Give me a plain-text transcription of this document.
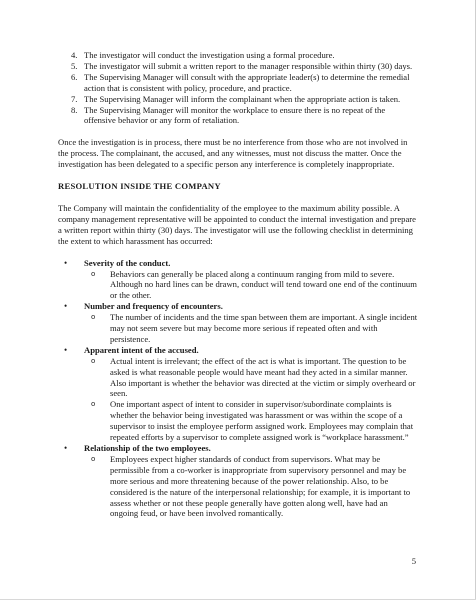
4. The investigator will conduct the investigation using a formal procedure.
5. The investigator will submit a written report to the manager responsible within thirty (30) days.
6. The Supervising Manager will consult with the appropriate leader(s) to determine the remedial action that is consistent with policy, procedure, and practice.
7. The Supervising Manager will inform the complainant when the appropriate action is taken.
8. The Supervising Manager will monitor the workplace to ensure there is no repeat of the offensive behavior or any form of retaliation.

Once the investigation is in process, there must be no interference from those who are not involved in the process. The complainant, the accused, and any witnesses, must not discuss the matter. Once the investigation has been delegated to a specific person any interference is completely inappropriate.

RESOLUTION INSIDE THE COMPANY

The Company will maintain the confidentiality of the employee to the maximum ability possible. A company management representative will be appointed to conduct the internal investigation and prepare a written report within thirty (30) days. The investigator will use the following checklist in determining the extent to which harassment has occurred:

• Severity of the conduct.
o Behaviors can generally be placed along a continuum ranging from mild to severe. Although no hard lines can be drawn, conduct will tend toward one end of the continuum or the other.
• Number and frequency of encounters.
o The number of incidents and the time span between them are important. A single incident may not seem severe but may become more serious if repeated often and with persistence.
• Apparent intent of the accused.
o Actual intent is irrelevant; the effect of the act is what is important. The question to be asked is what reasonable people would have meant had they acted in a similar manner. Also important is whether the behavior was directed at the victim or simply overheard or seen.
o One important aspect of intent to consider in supervisor/subordinate complaints is whether the behavior being investigated was harassment or was within the scope of a supervisor to insist the employee perform assigned work. Employees may complain that repeated efforts by a supervisor to complete assigned work is “workplace harassment.”
• Relationship of the two employees.
o Employees expect higher standards of conduct from supervisors. What may be permissible from a co-worker is inappropriate from supervisory personnel and may be more serious and more threatening because of the power relationship. Also, to be considered is the nature of the interpersonal relationship; for example, it is important to assess whether or not these people generally have gotten along well, have had an ongoing feud, or have been involved romantically.
5
